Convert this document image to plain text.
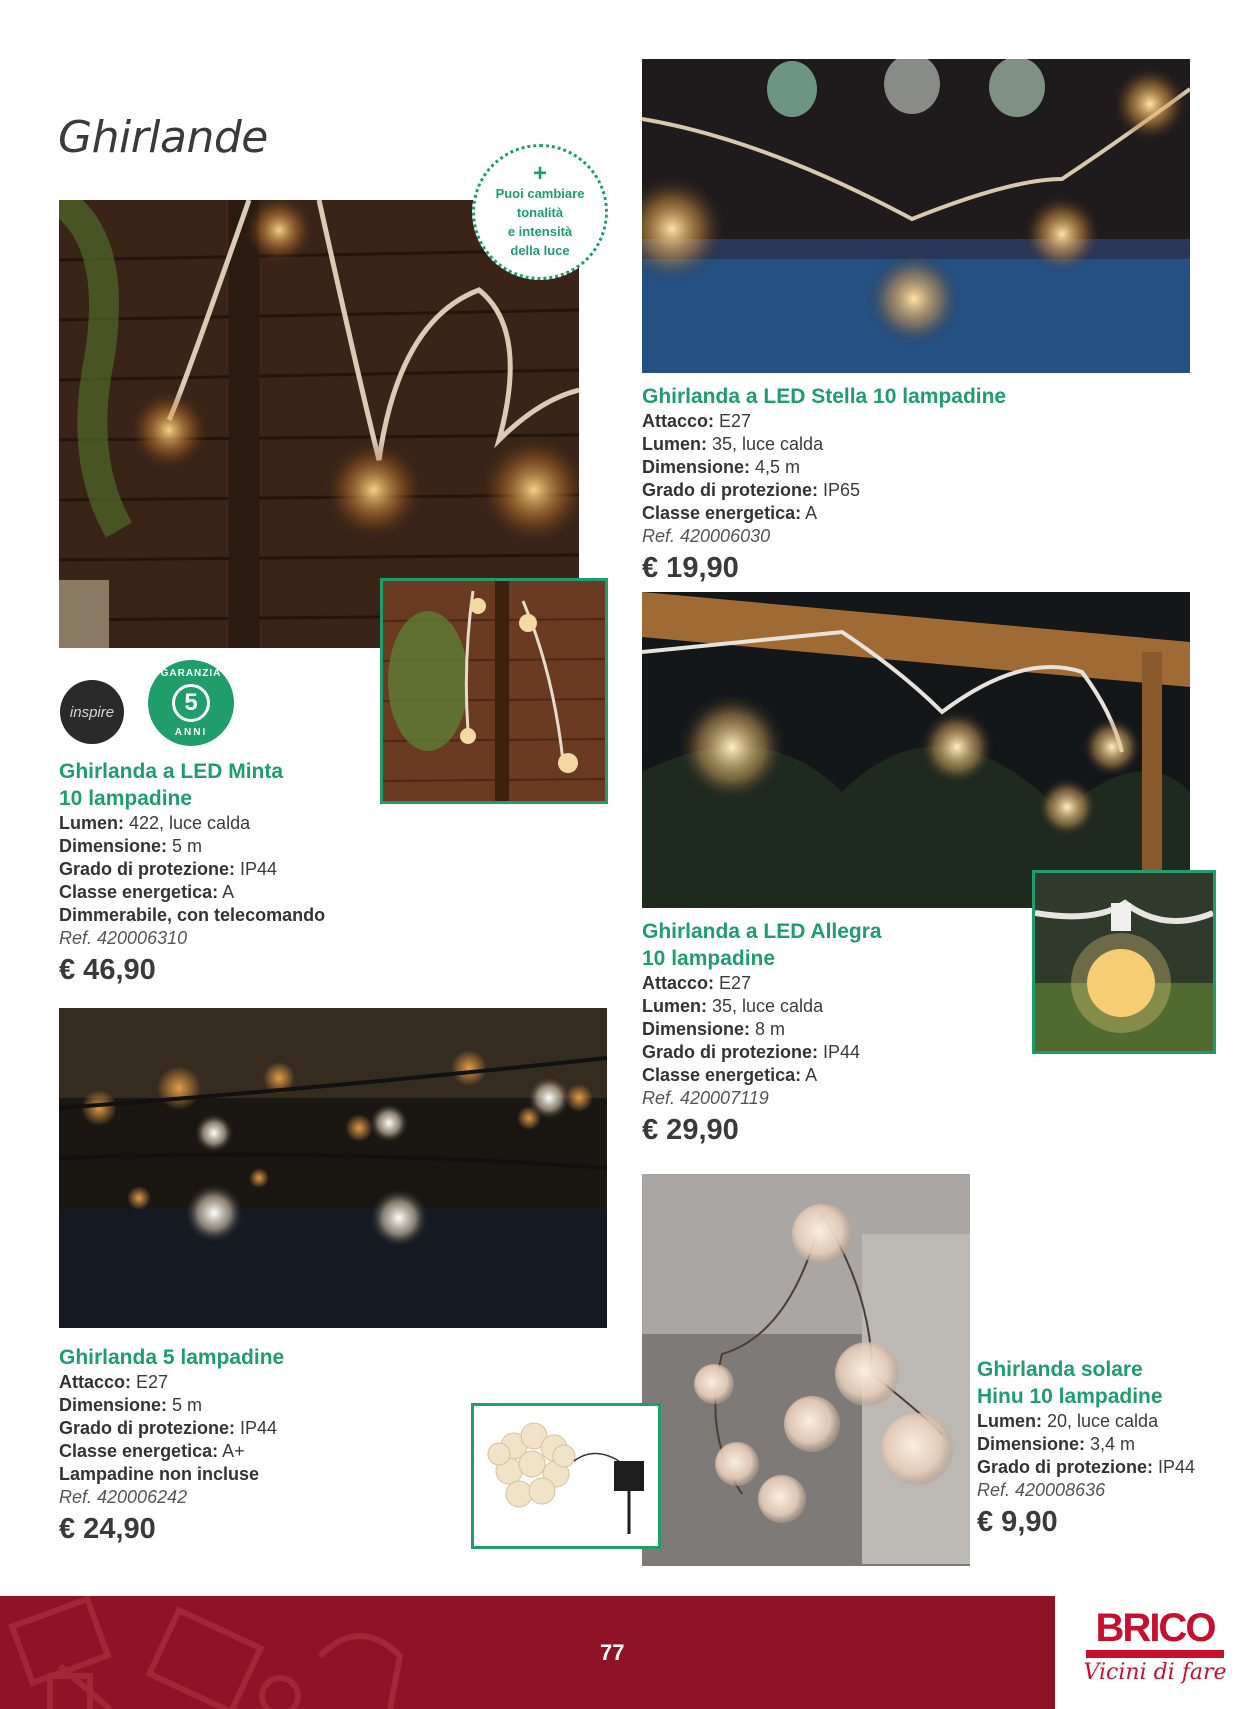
Ghirlande
+
Puoi cambiare
tonalità
e intensità
della luce
inspire
GARANZIA
5
ANNI
Ghirlanda a LED Minta
10 lampadine
Lumen: 422, luce calda
Dimensione: 5 m
Grado di protezione: IP44
Classe energetica: A
Dimmerabile, con telecomando
Ref. 420006310
€ 46,90
Ghirlanda a LED Stella 10 lampadine
Attacco: E27
Lumen: 35, luce calda
Dimensione: 4,5 m
Grado di protezione: IP65
Classe energetica: A
Ref. 420006030
€ 19,90
Ghirlanda a LED Allegra
10 lampadine
Attacco: E27
Lumen: 35, luce calda
Dimensione: 8 m
Grado di protezione: IP44
Classe energetica: A
Ref. 420007119
€ 29,90
Ghirlanda 5 lampadine
Attacco: E27
Dimensione: 5 m
Grado di protezione: IP44
Classe energetica: A+
Lampadine non incluse
Ref. 420006242
€ 24,90
Ghirlanda solare
Hinu 10 lampadine
Lumen: 20, luce calda
Dimensione: 3,4 m
Grado di protezione: IP44
Ref. 420008636
€ 9,90
77
BRICO
Vicini di fare
